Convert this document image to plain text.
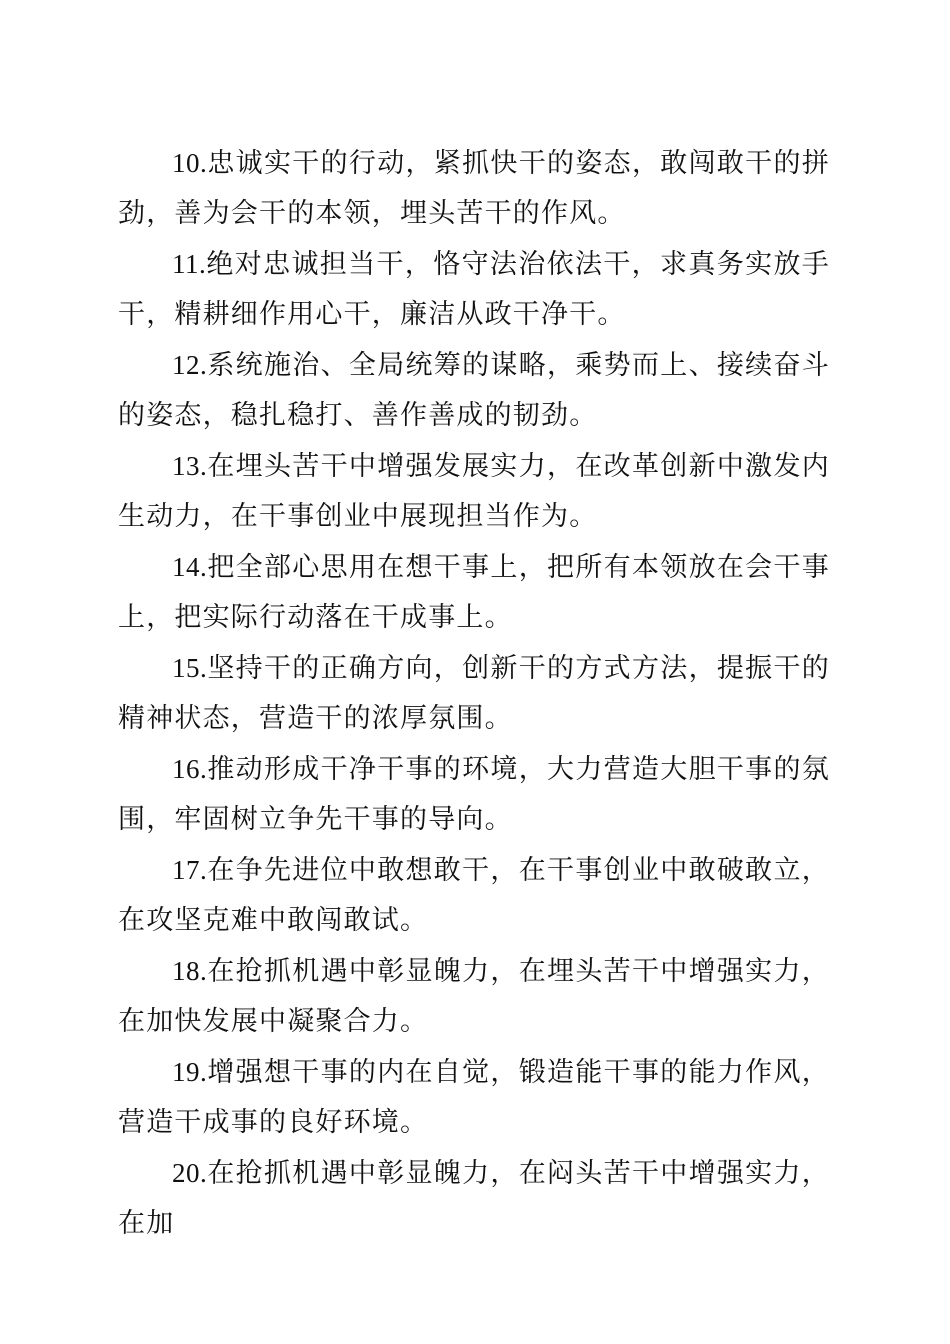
10.忠诚实干的行动，紧抓快干的姿态，敢闯敢干的拼劲，善为会干的本领，埋头苦干的作风。

11.绝对忠诚担当干，恪守法治依法干，求真务实放手干，精耕细作用心干，廉洁从政干净干。

12.系统施治、全局统筹的谋略，乘势而上、接续奋斗的姿态，稳扎稳打、善作善成的韧劲。

13.在埋头苦干中增强发展实力，在改革创新中激发内生动力，在干事创业中展现担当作为。

14.把全部心思用在想干事上，把所有本领放在会干事上，把实际行动落在干成事上。

15.坚持干的正确方向，创新干的方式方法，提振干的精神状态，营造干的浓厚氛围。

16.推动形成干净干事的环境，大力营造大胆干事的氛围，牢固树立争先干事的导向。

17.在争先进位中敢想敢干，在干事创业中敢破敢立，在攻坚克难中敢闯敢试。

18.在抢抓机遇中彰显魄力，在埋头苦干中增强实力，在加快发展中凝聚合力。

19.增强想干事的内在自觉，锻造能干事的能力作风，营造干成事的良好环境。

20.在抢抓机遇中彰显魄力，在闷头苦干中增强实力，在加
